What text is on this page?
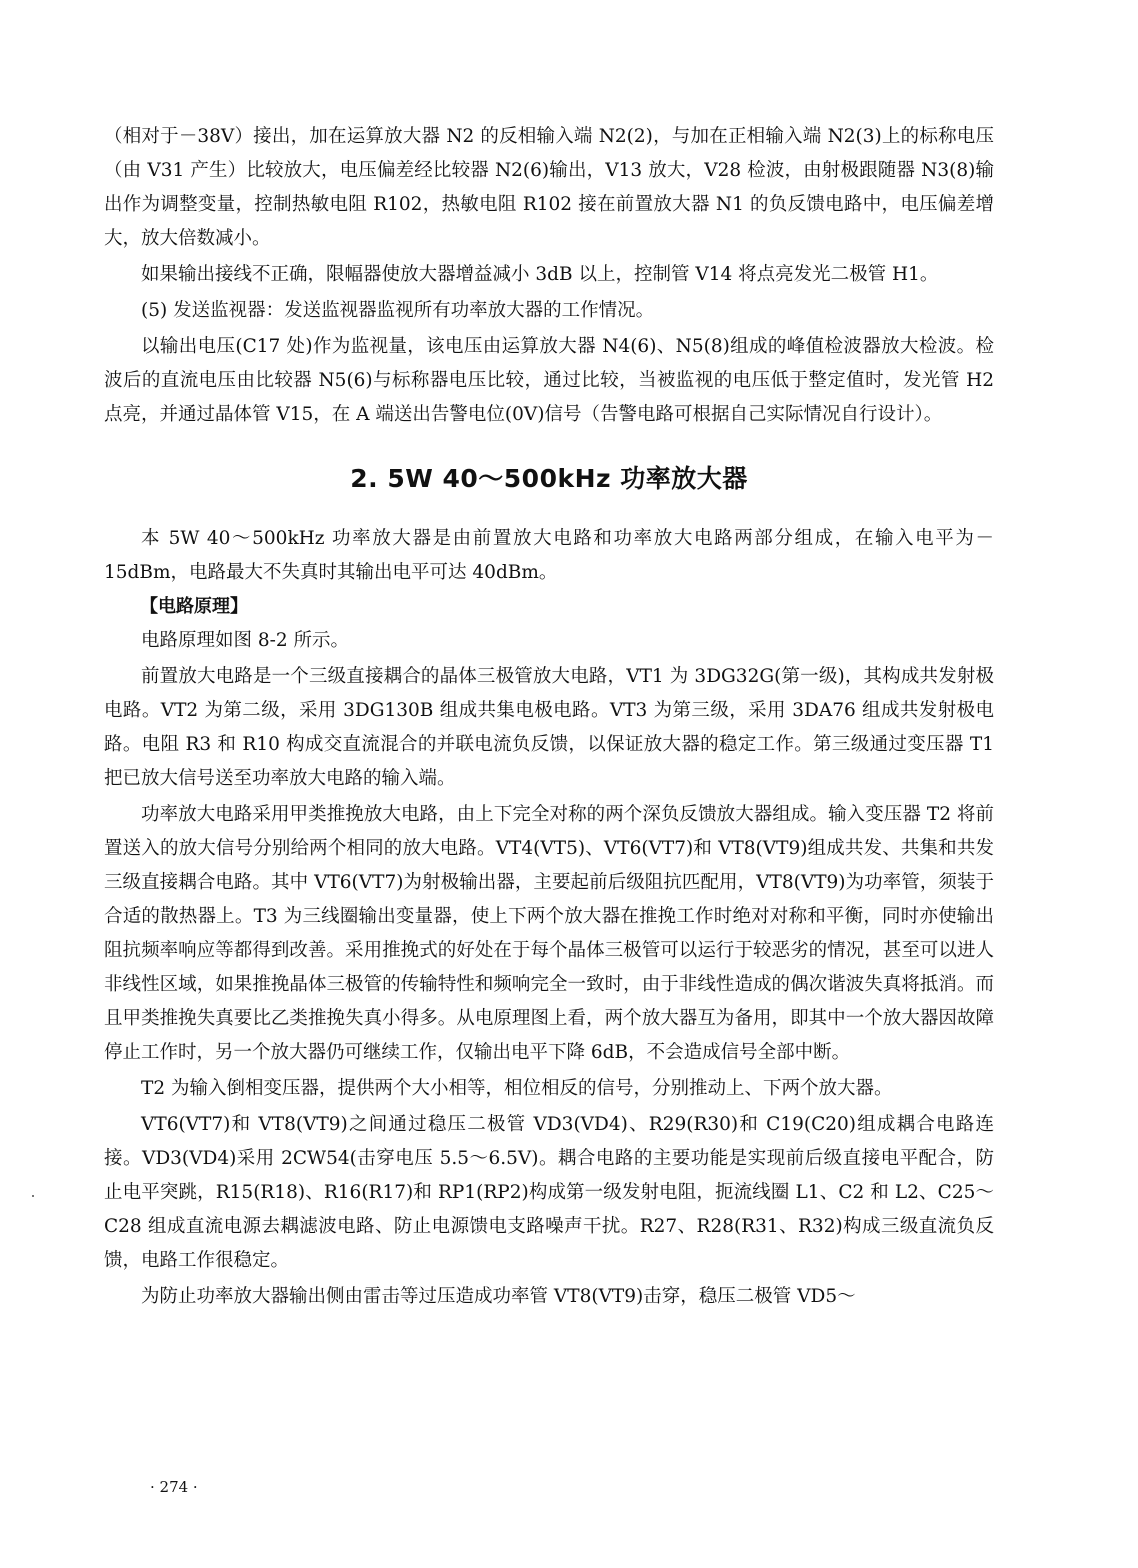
（相对于－38V）接出，加在运算放大器 N2 的反相输入端 N2(2)，与加在正相输入端 N2(3)上的标称电压（由 V31 产生）比较放大，电压偏差经比较器 N2(6)输出，V13 放大，V28 检波，由射极跟随器 N3(8)输出作为调整变量，控制热敏电阻 R102，热敏电阻 R102 接在前置放大器 N1 的负反馈电路中，电压偏差增大，放大倍数减小。

如果输出接线不正确，限幅器使放大器增益减小 3dB 以上，控制管 V14 将点亮发光二极管 H1。

(5) 发送监视器：发送监视器监视所有功率放大器的工作情况。

以输出电压(C17 处)作为监视量，该电压由运算放大器 N4(6)、N5(8)组成的峰值检波器放大检波。检波后的直流电压由比较器 N5(6)与标称器电压比较，通过比较，当被监视的电压低于整定值时，发光管 H2 点亮，并通过晶体管 V15，在 A 端送出告警电位(0V)信号（告警电路可根据自己实际情况自行设计）。

2. 5W 40～500kHz 功率放大器

本 5W 40～500kHz 功率放大器是由前置放大电路和功率放大电路两部分组成，在输入电平为－15dBm，电路最大不失真时其输出电平可达 40dBm。

【电路原理】

电路原理如图 8-2 所示。

前置放大电路是一个三级直接耦合的晶体三极管放大电路，VT1 为 3DG32G(第一级)，其构成共发射极电路。VT2 为第二级，采用 3DG130B 组成共集电极电路。VT3 为第三级，采用 3DA76 组成共发射极电路。电阻 R3 和 R10 构成交直流混合的并联电流负反馈，以保证放大器的稳定工作。第三级通过变压器 T1 把已放大信号送至功率放大电路的输入端。

功率放大电路采用甲类推挽放大电路，由上下完全对称的两个深负反馈放大器组成。输入变压器 T2 将前置送入的放大信号分别给两个相同的放大电路。VT4(VT5)、VT6(VT7)和 VT8(VT9)组成共发、共集和共发三级直接耦合电路。其中 VT6(VT7)为射极输出器，主要起前后级阻抗匹配用，VT8(VT9)为功率管，须装于合适的散热器上。T3 为三线圈输出变量器，使上下两个放大器在推挽工作时绝对对称和平衡，同时亦使输出阻抗频率响应等都得到改善。采用推挽式的好处在于每个晶体三极管可以运行于较恶劣的情况，甚至可以进人非线性区域，如果推挽晶体三极管的传输特性和频响完全一致时，由于非线性造成的偶次谐波失真将抵消。而且甲类推挽失真要比乙类推挽失真小得多。从电原理图上看，两个放大器互为备用，即其中一个放大器因故障停止工作时，另一个放大器仍可继续工作，仅输出电平下降 6dB，不会造成信号全部中断。

T2 为输入倒相变压器，提供两个大小相等，相位相反的信号，分别推动上、下两个放大器。

VT6(VT7)和 VT8(VT9)之间通过稳压二极管 VD3(VD4)、R29(R30)和 C19(C20)组成耦合电路连接。VD3(VD4)采用 2CW54(击穿电压 5.5～6.5V)。耦合电路的主要功能是实现前后级直接电平配合，防止电平突跳，R15(R18)、R16(R17)和 RP1(RP2)构成第一级发射电阻，扼流线圈 L1、C2 和 L2、C25～C28 组成直流电源去耦滤波电路、防止电源馈电支路噪声干扰。R27、R28(R31、R32)构成三级直流负反馈，电路工作很稳定。

为防止功率放大器输出侧由雷击等过压造成功率管 VT8(VT9)击穿，稳压二极管 VD5～

· 274 ·
